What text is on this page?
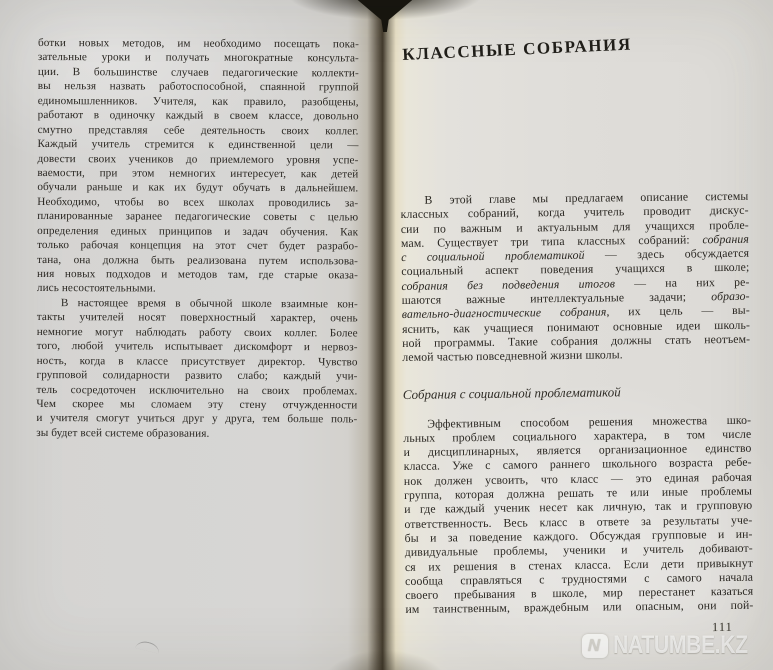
ботки новых методов, им необходимо посещать пока-
зательные уроки и получать многократные консульта-
ции. В большинстве случаев педагогические коллекти-
вы нельзя назвать работоспособной, спаянной группой
единомышленников. Учителя, как правило, разобщены,
работают в одиночку каждый в своем классе, довольно
смутно представляя себе деятельность своих коллег.
Каждый учитель стремится к единственной цели —
довести своих учеников до приемлемого уровня успе-
ваемости, при этом немногих интересует, как детей
обучали раньше и как их будут обучать в дальнейшем.
Необходимо, чтобы во всех школах проводились за-
планированные заранее педагогические советы с целью
определения единых принципов и задач обучения. Как
только рабочая концепция на этот счет будет разрабо-
тана, она должна быть реализована путем использова-
ния новых подходов и методов там, где старые оказа-
лись несостоятельными.
В настоящее время в обычной школе взаимные кон-
такты учителей носят поверхностный характер, очень
немногие могут наблюдать работу своих коллег. Более
того, любой учитель испытывает дискомфорт и нервоз-
ность, когда в классе присутствует директор. Чувство
групповой солидарности развито слабо; каждый учи-
тель сосредоточен исключительно на своих проблемах.
Чем скорее мы сломаем эту стену отчужденности
и учителя смогут учиться друг у друга, тем больше поль-
зы будет всей системе образования.
КЛАССНЫЕ СОБРАНИЯ
В этой главе мы предлагаем описание системы
классных собраний, когда учитель проводит дискус-
сии по важным и актуальным для учащихся пробле-
мам. Существует три типа классных собраний: собрания
с социальной проблематикой — здесь обсуждается
социальный аспект поведения учащихся в школе;
собрания без подведения итогов — на них ре-
шаются важные интеллектуальные задачи; образо-
вательно-диагностические собрания, их цель — вы-
яснить, как учащиеся понимают основные идеи школь-
ной программы. Такие собрания должны стать неотъем-
лемой частью повседневной жизни школы.
Собрания с социальной проблематикой
Эффективным способом решения множества шко-
льных проблем социального характера, в том числе
и дисциплинарных, является организационное единство
класса. Уже с самого раннего школьного возраста ребе-
нок должен усвоить, что класс — это единая рабочая
группа, которая должна решать те или иные проблемы
и где каждый ученик несет как личную, так и групповую
ответственность. Весь класс в ответе за результаты уче-
бы и за поведение каждого. Обсуждая групповые и ин-
дивидуальные проблемы, ученики и учитель добивают-
ся их решения в стенах класса. Если дети привыкнут
сообща справляться с трудностями с самого начала
своего пребывания в школе, мир перестанет казаться
им таинственным, враждебным или опасным, они пой-
111
N NATUMBE.KZ
